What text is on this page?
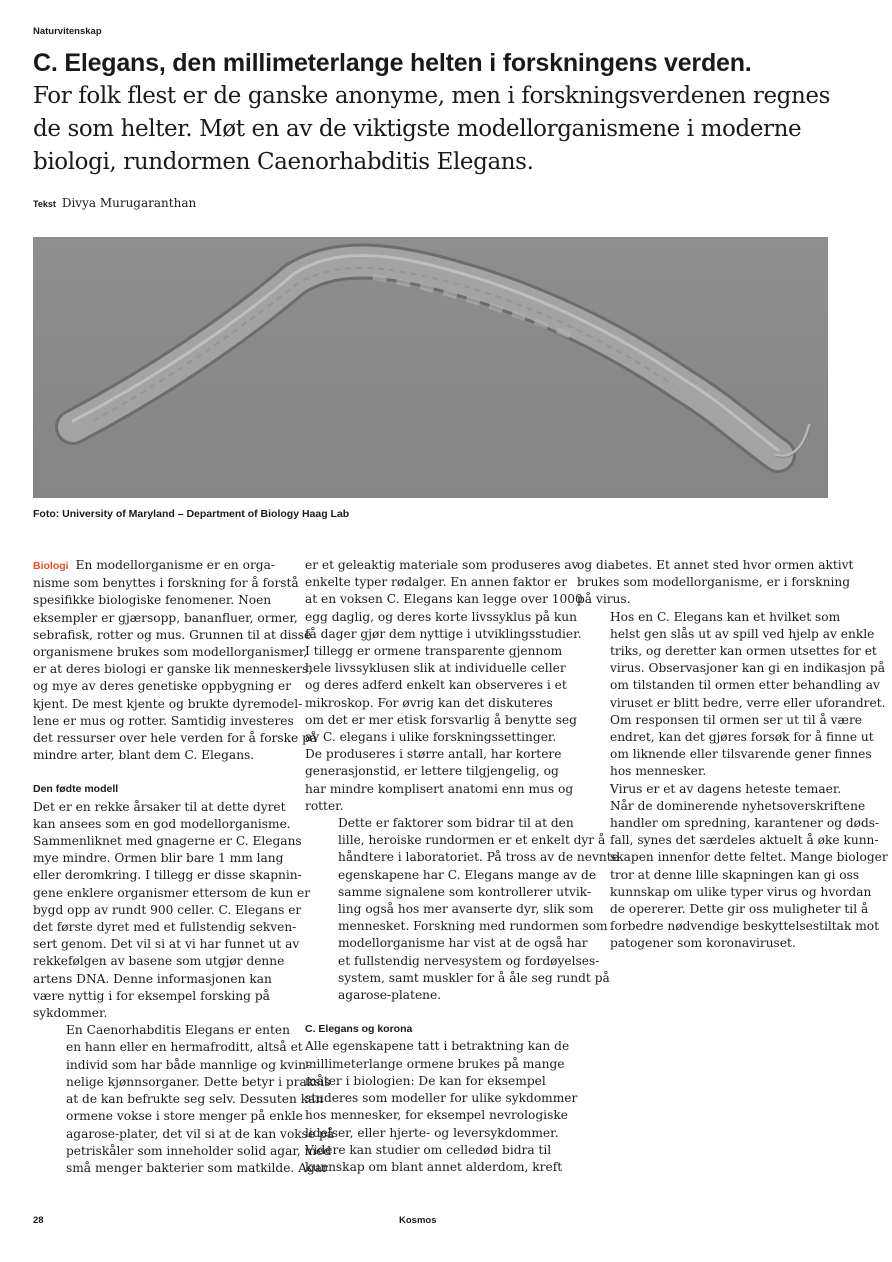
Naturvitenskap
C. Elegans, den millimeterlange helten i forskningens verden.

For folk flest er de ganske anonyme, men i forskningsverdenen regnes de som helter. Møt en av de viktigste modellorganismene i moderne biologi, rundormen Caenorhabditis Elegans.

Tekst Divya Murugaranthan
Foto: University of Maryland – Department of Biology Haag Lab

Biologi En modellorganisme er en orga-
nisme som benyttes i forskning for å forstå
spesifikke biologiske fenomener. Noen
eksempler er gjærsopp, bananfluer, ormer,
sebrafisk, rotter og mus. Grunnen til at disse
organismene brukes som modellorganismer,
er at deres biologi er ganske lik menneskers,
og mye av deres genetiske oppbygning er
kjent. De mest kjente og brukte dyremodel-
lene er mus og rotter. Samtidig investeres
det ressurser over hele verden for å forske på
mindre arter, blant dem C. Elegans.

Den fødte modell

Det er en rekke årsaker til at dette dyret
kan ansees som en god modellorganisme.
Sammenliknet med gnagerne er C. Elegans
mye mindre. Ormen blir bare 1 mm lang
eller deromkring. I tillegg er disse skapnin-
gene enklere organismer ettersom de kun er
bygd opp av rundt 900 celler. C. Elegans er
det første dyret med et fullstendig sekven-
sert genom. Det vil si at vi har funnet ut av
rekkefølgen av basene som utgjør denne
artens DNA. Denne informasjonen kan
være nyttig i for eksempel forsking på
sykdommer.

En Caenorhabditis Elegans er enten
en hann eller en hermafroditt, altså et
individ som har både mannlige og kvin-
nelige kjønnsorganer. Dette betyr i praksis
at de kan befrukte seg selv. Dessuten kan
ormene vokse i store menger på enkle
agarose-plater, det vil si at de kan vokse på
petriskåler som inneholder solid agar, med
små menger bakterier som matkilde. Agar

er et geleaktig materiale som produseres av
enkelte typer rødalger. En annen faktor er
at en voksen C. Elegans kan legge over 1000
egg daglig, og deres korte livssyklus på kun
få dager gjør dem nyttige i utviklingsstudier.
I tillegg er ormene transparente gjennom
hele livssyklusen slik at individuelle celler
og deres adferd enkelt kan observeres i et
mikroskop. For øvrig kan det diskuteres
om det er mer etisk forsvarlig å benytte seg
av C. elegans i ulike forskningssettinger.
De produseres i større antall, har kortere
generasjonstid, er lettere tilgjengelig, og
har mindre komplisert anatomi enn mus og
rotter.

Dette er faktorer som bidrar til at den
lille, heroiske rundormen er et enkelt dyr å
håndtere i laboratoriet. På tross av de nevnte
egenskapene har C. Elegans mange av de
samme signalene som kontrollerer utvik-
ling også hos mer avanserte dyr, slik som
mennesket. Forskning med rundormen som
modellorganisme har vist at de også har
et fullstendig nervesystem og fordøyelses-
system, samt muskler for å åle seg rundt på
agarose-platene.

C. Elegans og korona

Alle egenskapene tatt i betraktning kan de
millimeterlange ormene brukes på mange
måter i biologien: De kan for eksempel
studeres som modeller for ulike sykdommer
hos mennesker, for eksempel nevrologiske
lidelser, eller hjerte- og leversykdommer.
Videre kan studier om celledød bidra til
kunnskap om blant annet alderdom, kreft

og diabetes. Et annet sted hvor ormen aktivt
brukes som modellorganisme, er i forskning
på virus.

Hos en C. Elegans kan et hvilket som
helst gen slås ut av spill ved hjelp av enkle
triks, og deretter kan ormen utsettes for et
virus. Observasjoner kan gi en indikasjon på
om tilstanden til ormen etter behandling av
viruset er blitt bedre, verre eller uforandret.
Om responsen til ormen ser ut til å være
endret, kan det gjøres forsøk for å finne ut
om liknende eller tilsvarende gener finnes
hos mennesker.

Virus er et av dagens heteste temaer.
Når de dominerende nyhetsoverskriftene
handler om spredning, karantener og døds-
fall, synes det særdeles aktuelt å øke kunn-
skapen innenfor dette feltet. Mange biologer
tror at denne lille skapningen kan gi oss
kunnskap om ulike typer virus og hvordan
de opererer. Dette gir oss muligheter til å
forbedre nødvendige beskyttelsestiltak mot
patogener som koronaviruset.

28	Kosmos
